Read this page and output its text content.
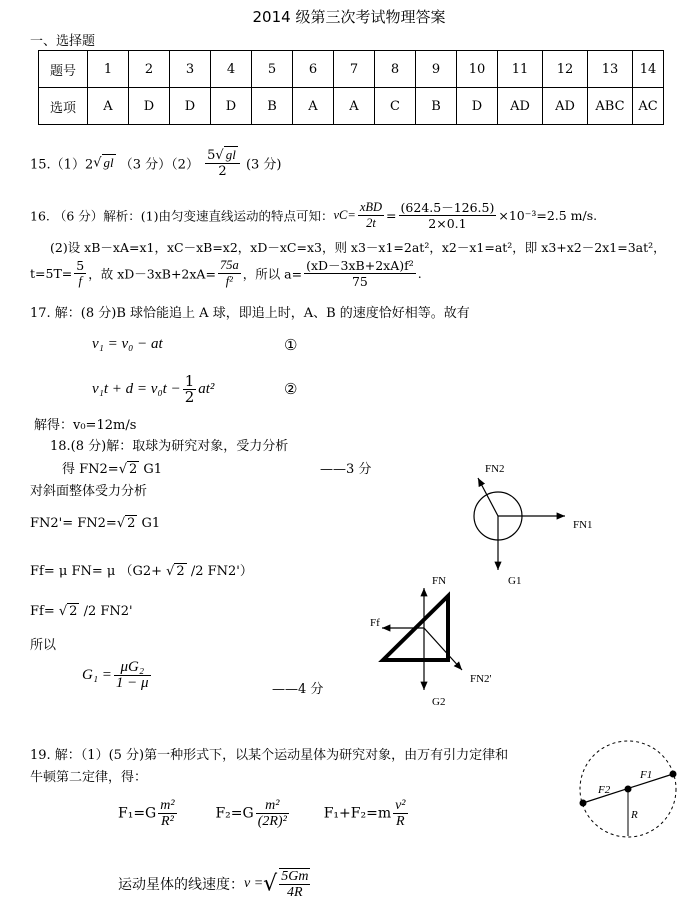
2014 级第三次考试物理答案
一、选择题
题号	1	2	3	4	5	6	7	8	9	10	11	12	13	14
选项	A	D	D	D	B	A	A	C	B	D	AD	AD	ABC	AC
15.（1）2√ gl （3 分）$(2) \frac{5√ gl}{2} (3$ 分)
16. （6 分）解析：(1)由匀变速直线运动的特点可知：$vC= \frac{\text{xBD}}{2t} = \frac{(624.5-126.5)}{2\times 0.1} \times 10^{-3}=2.5$ m/s.
(2)设 xB－xA=x1，xC－xB=x2，xD－xC=x3，则 x3－x1=2at²，x2－x1=at²，即 x3+x2－2x1=3at²，
$t=5T= \frac{5}{f}$ ，故 $xD-3xB+2xA= \frac{75a}{\text{f²}}$ ，所以 $a= \frac{\text{(xD－3xB+2xA)f²}}{75}$ .
17. 解：(8 分)B 球恰能追上 A 球，即追上时，A、B 的速度恰好相等。故有
v₁ = v₀ − at	①
$v_1t + d = v_0t - \frac{1}{2} at^2$	②
解得：v₀=12m/s
18.(8 分)解：取球为研究对象，受力分析
得 FN2=√ 2 G1	——3 分
对斜面整体受力分析
FN2'= FN2=√ 2 G1
Ff= μ FN= μ （G2+ √ 2 /2 FN2'）
Ff= √ 2 /2 FN2'
所以
$G_1 = \frac{\text{μG₂}}{1 - \mu}$	——4 分
FN2
FN1
G1
FN
Ff
FN2'
G2
19. 解：（1）(5 分)第一种形式下，以某个运动星体为研究对象，由万有引力定律和
牛顿第二定律，得：
$F_1=G \frac{\text{m²}}{\text{R²}}$	$F_2=G \frac{\text{m²}}{\text{(2R)²}} F_1+F_2=m \frac{\text{v²}}{R}$
运动星体的线速度：v =√ $\frac{5Gm}{4R}$
F1
F2
R
